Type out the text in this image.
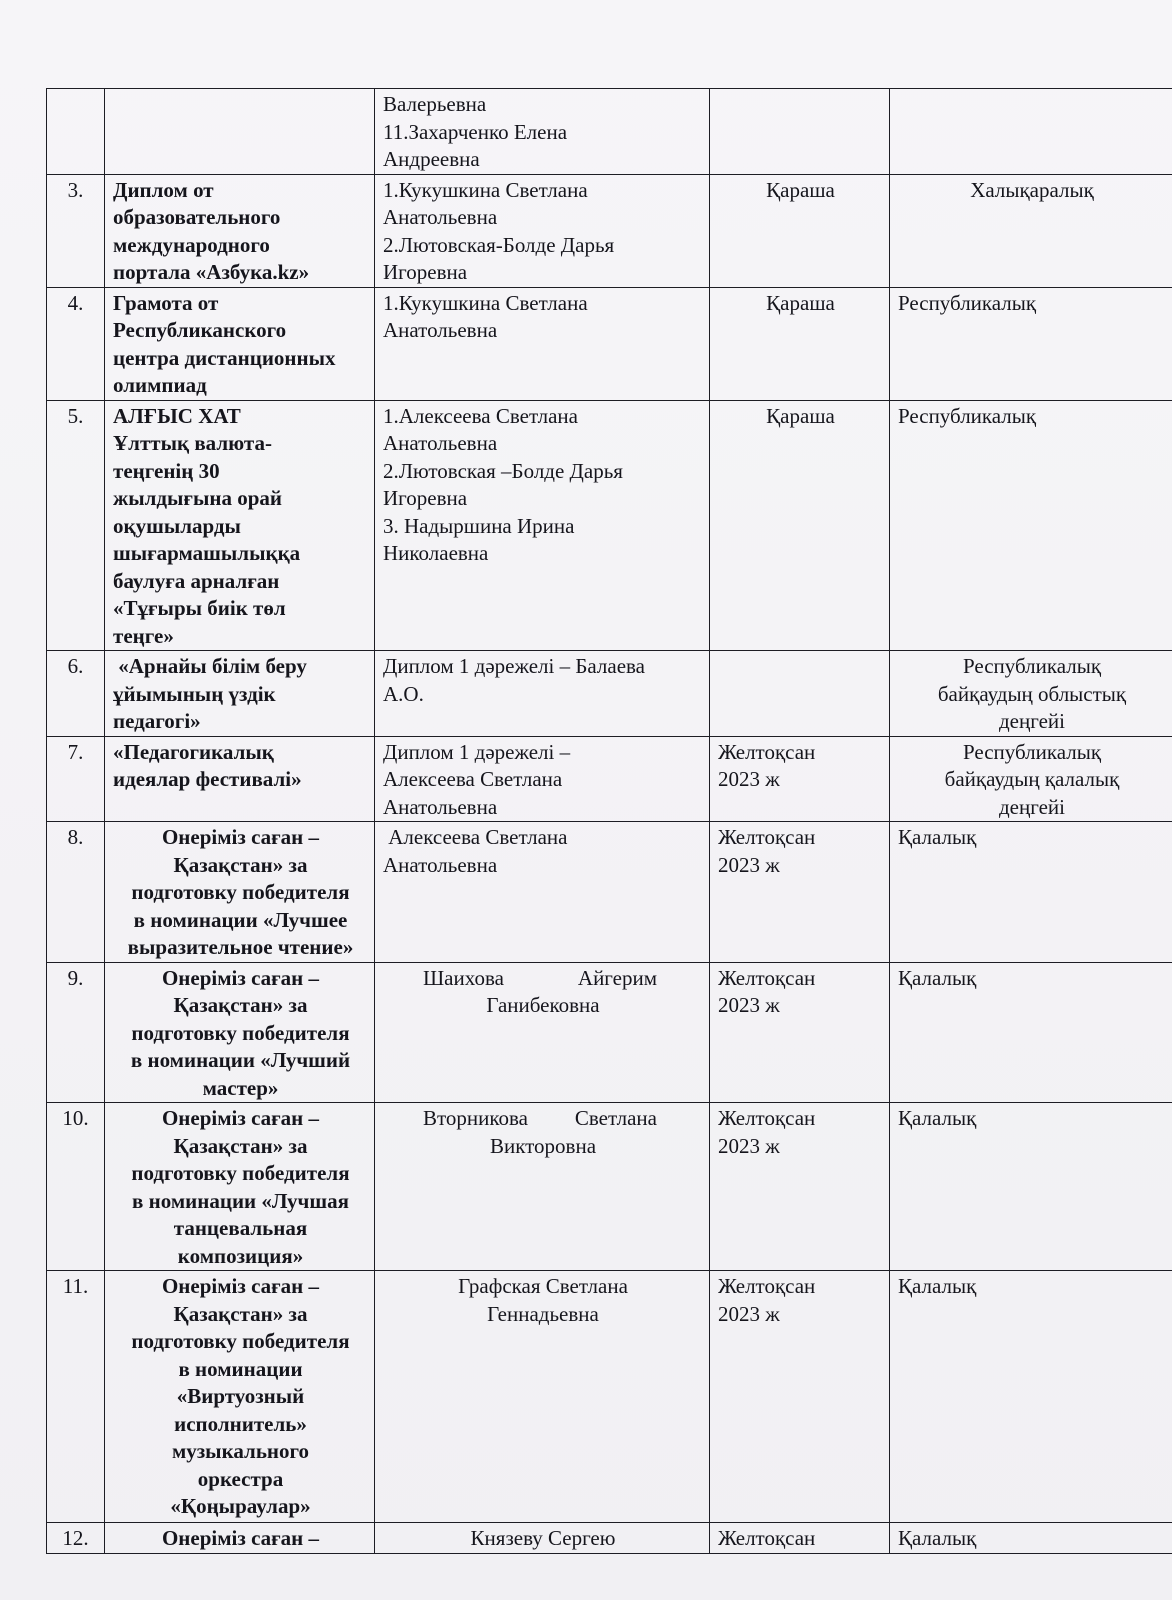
Валерьевна
11.Захарченко Елена
Андреевна

3.	Диплом от
образовательного
международного
портала «Азбука.kz»

1.Кукушкина Светлана
Анатольевна
2.Лютовская-Болде Дарья
Игоревна

Қараша	Халықаралық

4.	Грамота от
Республиканского
центра дистанционных
олимпиад

1.Кукушкина Светлана
Анатольевна

Қараша	Республикалық

5.	АЛҒЫС ХАТ
Ұлттық валюта-
теңгенің 30
жылдығына орай
оқушыларды
шығармашылыққа
баулуға арналған
«Тұғыры биік төл
теңге»

1.Алексеева Светлана
Анатольевна
2.Лютовская –Болде Дарья
Игоревна
3. Надыршина Ирина
Николаевна

Қараша	Республикалық

6.	«Арнайы білім беру
ұйымының үздік
педагогі»

Диплом 1 дәрежелі – Балаева
А.О.

Республикалық
байқаудың облыстық
деңгейі

7.	«Педагогикалық
идеялар фестивалі»

Диплом 1 дәрежелі –
Алексеева Светлана
Анатольевна

Желтоқсан
2023 ж

Республикалық
байқаудың қалалық
деңгейі

8.	Онеріміз саған –
Қазақстан» за
подготовку победителя
в номинации «Лучшее
выразительное чтение»

Алексеева Светлана
Анатольевна

Желтоқсан
2023 ж

Қалалық

9.	Онеріміз саған –
Қазақстан» за
подготовку победителя
в номинации «Лучший
мастер»

Шаихова	Айгерим
Ганибековна

Желтоқсан
2023 ж

Қалалық

10.	Онеріміз саған –
Қазақстан» за
подготовку победителя
в номинации «Лучшая
танцевальная
композиция»

Вторникова Светлана
Викторовна

Желтоқсан
2023 ж

Қалалық

11.	Онеріміз саған –
Қазақстан» за
подготовку победителя
в номинации
«Виртуозный
исполнитель»
музыкального
оркестра
«Қоңыраулар»

Графская Светлана
Геннадьевна

Желтоқсан
2023 ж

Қалалық

12.	Онеріміз саған –	Князеву Сергею	Желтоқсан	Қалалық
